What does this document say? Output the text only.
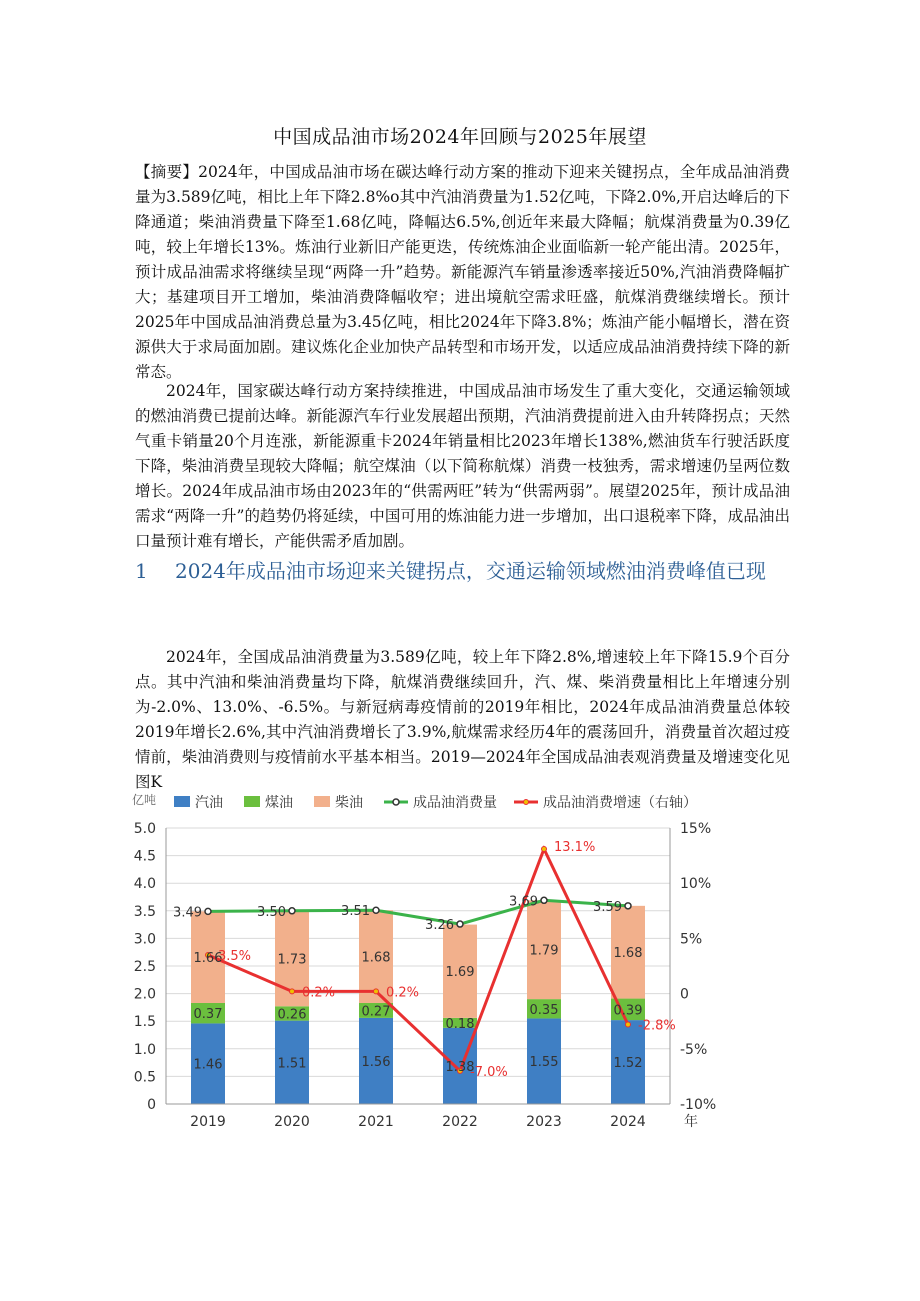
中国成品油市场2024年回顾与2025年展望

【摘要】2024年，中国成品油市场在碳达峰行动方案的推动下迎来关键拐点，全年成品油消费量为3.589亿吨，相比上年下降2.8%o其中汽油消费量为1.52亿吨，下降2.0%,开启达峰后的下降通道；柴油消费量下降至1.68亿吨，降幅达6.5%,创近年来最大降幅；航煤消费量为0.39亿吨，较上年增长13%。炼油行业新旧产能更迭，传统炼油企业面临新一轮产能出清。2025年，预计成品油需求将继续呈现“两降一升”趋势。新能源汽车销量渗透率接近50%,汽油消费降幅扩大；基建项目开工增加，柴油消费降幅收窄；进出境航空需求旺盛，航煤消费继续增长。预计2025年中国成品油消费总量为3.45亿吨，相比2024年下降3.8%；炼油产能小幅增长，潜在资源供大于求局面加剧。建议炼化企业加快产品转型和市场开发，以适应成品油消费持续下降的新常态。

2024年，国家碳达峰行动方案持续推进，中国成品油市场发生了重大变化，交通运输领域的燃油消费已提前达峰。新能源汽车行业发展超出预期，汽油消费提前进入由升转降拐点；天然气重卡销量20个月连涨，新能源重卡2024年销量相比2023年增长138%,燃油货车行驶活跃度下降，柴油消费呈现较大降幅；航空煤油（以下简称航煤）消费一枝独秀，需求增速仍呈两位数增长。2024年成品油市场由2023年的“供需两旺”转为“供需两弱”。展望2025年，预计成品油需求“两降一升”的趋势仍将延续，中国可用的炼油能力进一步增加，出口退税率下降，成品油出口量预计难有增长，产能供需矛盾加剧。

1 2024年成品油市场迎来关键拐点，交通运输领域燃油消费峰值已现

2024年，全国成品油消费量为3.589亿吨，较上年下降2.8%,增速较上年下降15.9个百分点。其中汽油和柴油消费量均下降，航煤消费继续回升，汽、煤、柴消费量相比上年增速分别为-2.0%、13.0%、-6.5%。与新冠病毒疫情前的2019年相比，2024年成品油消费量总体较2019年增长2.6%,其中汽油消费增长了3.9%,航煤需求经历4年的震荡回升，消费量首次超过疫情前，柴油消费则与疫情前水平基本相当。2019—2024年全国成品油表观消费量及增速变化见图K

0
0.5
1.0
1.5
2.0
2.5
3.0
3.5
4.0
4.5
5.0
-10%
-5%
0
5%
10%
15%
2019	2020	2021	2022	2023	2024	年
亿吨
1.46
0.37
1.66
1.51
0.26
1.73
1.56
0.27
1.68
1.38
0.18
1.69
1.55
0.35
1.79
1.52
0.39
1.68
3.49	3.50	3.51
3.26
3.69	3.59
3.5%
0.2%	0.2%
-7.0%
13.1%
-2.8%
汽油	煤油	柴油	成品油消费量	成品油消费增速（右轴）
